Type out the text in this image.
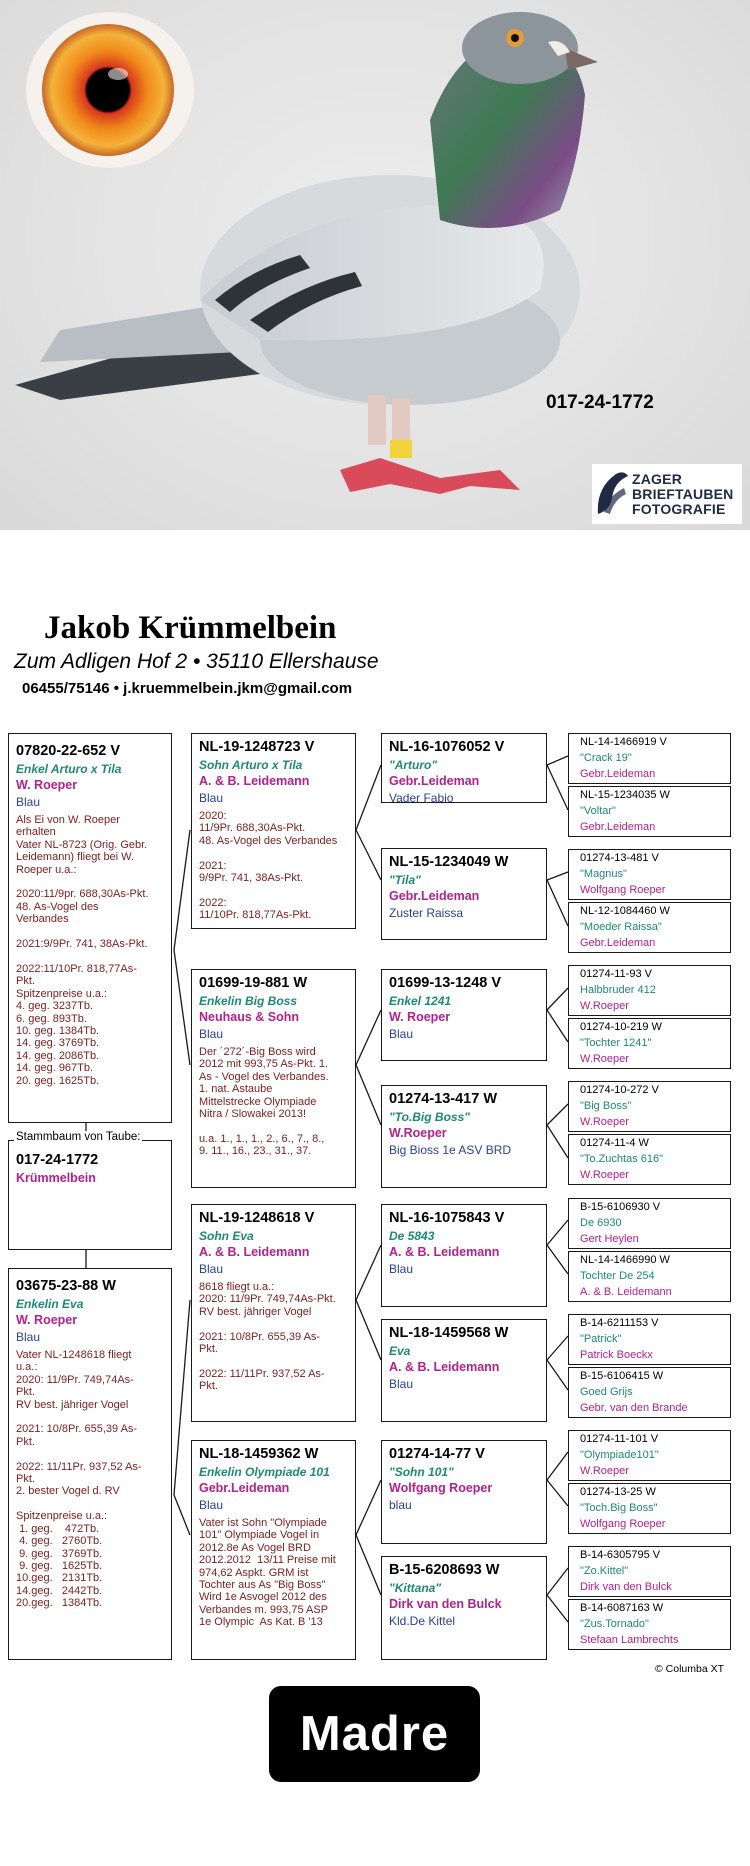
017-24-1772
ZAGER
BRIEFTAUBEN
FOTOGRAFIE
Jakob Krümmelbein
Zum Adligen Hof 2 • 35110 Ellershause
06455/75146 • j.kruemmelbein.jkm@gmail.com
017-24-1772
Krümmelbein
Stammbaum von Taube:
07820-22-652 V
Enkel Arturo x Tila
W. Roeper
Blau
Als Ei von W. Roeper
erhalten
Vater NL-8723 (Orig. Gebr.
Leidemann) fliegt bei W.
Roeper u.a.:

2020:11/9pr. 688,30As-Pkt.
48. As-Vogel des
Verbandes

2021:9/9Pr. 741, 38As-Pkt.

2022:11/10Pr. 818,77As-
Pkt.
Spitzenpreise u.a.:
4. geg. 3237Tb.
6. geg. 893Tb.
10. geg. 1384Tb.
14. geg. 3769Tb.
14. geg. 2086Tb.
14. geg. 967Tb.
20. geg. 1625Tb.
03675-23-88 W
Enkelin Eva
W. Roeper
Blau
Vater NL-1248618 fliegt
u.a.:
2020: 11/9Pr. 749,74As-
Pkt.
RV best. jähriger Vogel

2021: 10/8Pr. 655,39 As-
Pkt.

2022: 11/11Pr. 937,52 As-
Pkt.
2. bester Vogel d. RV

Spitzenpreise u.a.:
1. geg.    472Tb.
4. geg.   2760Tb.
9. geg.   3769Tb.
9. geg.   1625Tb.
10.geg.   2131Tb.
14.geg.   2442Tb.
20.geg.   1384Tb.
NL-19-1248723 V
Sohn Arturo x Tila
A. & B. Leidemann
Blau
2020:
11/9Pr. 688,30As-Pkt.
48. As-Vogel des Verbandes

2021:
9/9Pr. 741, 38As-Pkt.

2022:
11/10Pr. 818,77As-Pkt.
01699-19-881 W
Enkelin Big Boss
Neuhaus & Sohn
Blau
Der ´272´-Big Boss wird
2012 mit 993,75 As-Pkt. 1.
As - Vogel des Verbandes.
1. nat. Astaube
Mittelstrecke Olympiade
Nitra / Slowakei 2013!

u.a. 1., 1., 1., 2., 6., 7., 8.,
9. 11., 16., 23., 31., 37.
NL-19-1248618 V
Sohn Eva
A. & B. Leidemann
Blau
8618 fliegt u.a.:
2020: 11/9Pr. 749,74As-Pkt.
RV best. jähriger Vogel

2021: 10/8Pr. 655,39 As-
Pkt.

2022: 11/11Pr. 937,52 As-
Pkt.
NL-18-1459362 W
Enkelin Olympiade 101
Gebr.Leideman
Blau
Vater ist Sohn "Olympiade
101" Olympiade Vogel in
2012.8e As Vogel BRD
2012.2012  13/11 Preise mit
974,62 Aspkt. GRM ist
Tochter aus As "Big Boss"
Wird 1e Asvogel 2012 des
Verbandes m. 993,75 ASP
1e Olympic  As Kat. B '13
NL-16-1076052 V
"Arturo"
Gebr.Leideman
Vader Fabio
NL-15-1234049 W
"Tila"
Gebr.Leideman
Zuster Raissa
01699-13-1248 V
Enkel 1241
W. Roeper
Blau
01274-13-417 W
"To.Big Boss"
W.Roeper
Big Bioss 1e ASV BRD
NL-16-1075843 V
De 5843
A. & B. Leidemann
Blau
NL-18-1459568 W
Eva
A. & B. Leidemann
Blau
01274-14-77 V
"Sohn 101"
Wolfgang Roeper
blau
B-15-6208693 W
"Kittana"
Dirk van den Bulck
Kld.De Kittel
NL-14-1466919 V
"Crack 19"
Gebr.Leideman
NL-15-1234035 W
"Voltar"
Gebr.Leideman
01274-13-481 V
"Magnus"
Wolfgang Roeper
NL-12-1084460 W
"Moeder Raissa"
Gebr.Leideman
01274-11-93 V
Halbbruder 412
W.Roeper
01274-10-219 W
"Tochter 1241"
W.Roeper
01274-10-272 V
"Big Boss"
W.Roeper
01274-11-4 W
"To.Zuchtas 616"
W.Roeper
B-15-6106930 V
De 6930
Gert Heylen
NL-14-1466990 W
Tochter De 254
A. & B. Leidemann
B-14-6211153 V
"Patrick"
Patrick Boeckx
B-15-6106415 W
Goed Grijs
Gebr. van den Brande
01274-11-101 V
"Olympiade101"
W.Roeper
01274-13-25 W
"Toch.Big Boss"
Wolfgang Roeper
B-14-6305795 V
"Zo.Kittel"
Dirk van den Bulck
B-14-6087163 W
"Zus.Tornado"
Stefaan Lambrechts
© Columba XT
Madre
